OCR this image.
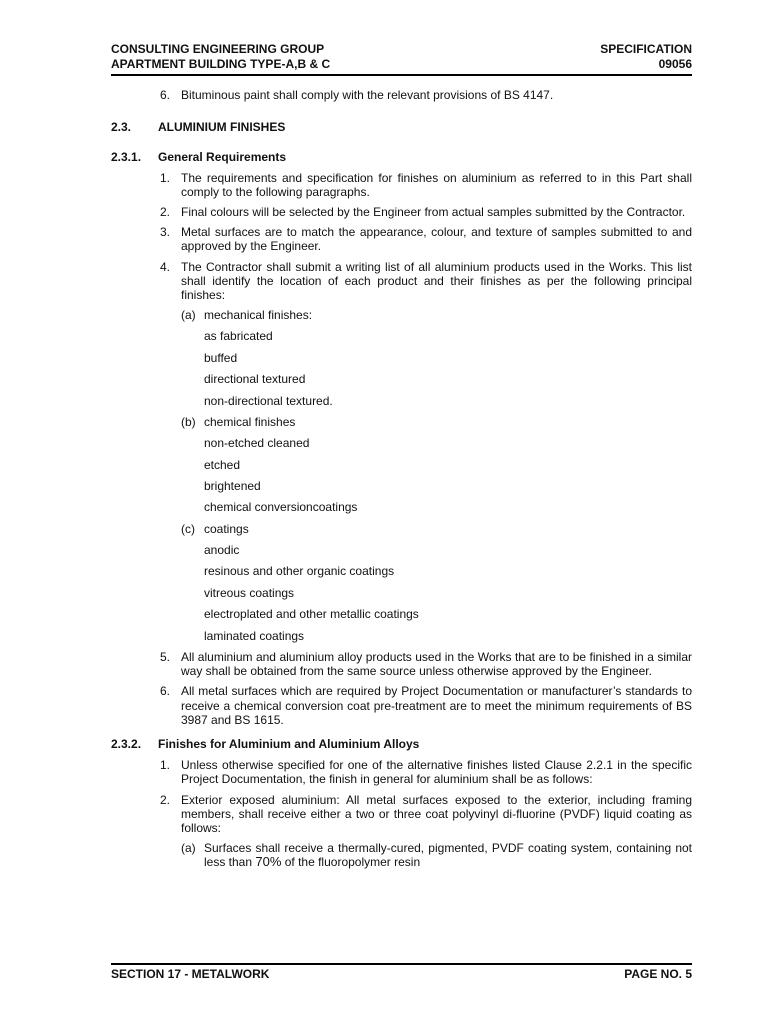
CONSULTING ENGINEERING GROUP	SPECIFICATION
APARTMENT BUILDING TYPE-A,B & C	09056
6. Bituminous paint shall comply with the relevant provisions of BS 4147.
2.3.	ALUMINIUM FINISHES
2.3.1.	General Requirements
1. The requirements and specification for finishes on aluminium as referred to in this Part shall comply to the following paragraphs.
2. Final colours will be selected by the Engineer from actual samples submitted by the Contractor.
3. Metal surfaces are to match the appearance, colour, and texture of samples submitted to and approved by the Engineer.
4. The Contractor shall submit a writing list of all aluminium products used in the Works. This list shall identify the location of each product and their finishes as per the following principal finishes:
(a) mechanical finishes:
as fabricated
buffed
directional textured
non-directional textured.
(b) chemical finishes
non-etched cleaned
etched
brightened
chemical conversioncoatings
(c) coatings
anodic
resinous and other organic coatings
vitreous coatings
electroplated and other metallic coatings
laminated coatings
5. All aluminium and aluminium alloy products used in the Works that are to be finished in a similar way shall be obtained from the same source unless otherwise approved by the Engineer.
6. All metal surfaces which are required by Project Documentation or manufacturer’s standards to receive a chemical conversion coat pre-treatment are to meet the minimum requirements of BS 3987 and BS 1615.
2.3.2.	Finishes for Aluminium and Aluminium Alloys
1. Unless otherwise specified for one of the alternative finishes listed Clause 2.2.1 in the specific Project Documentation, the finish in general for aluminium shall be as follows:
2. Exterior exposed aluminium: All metal surfaces exposed to the exterior, including framing members, shall receive either a two or three coat polyvinyl di-fluorine (PVDF) liquid coating as follows:
(a) Surfaces shall receive a thermally-cured, pigmented, PVDF coating system, containing not less than 70% of the fluoropolymer resin
SECTION 17 - METALWORK	PAGE NO. 5
